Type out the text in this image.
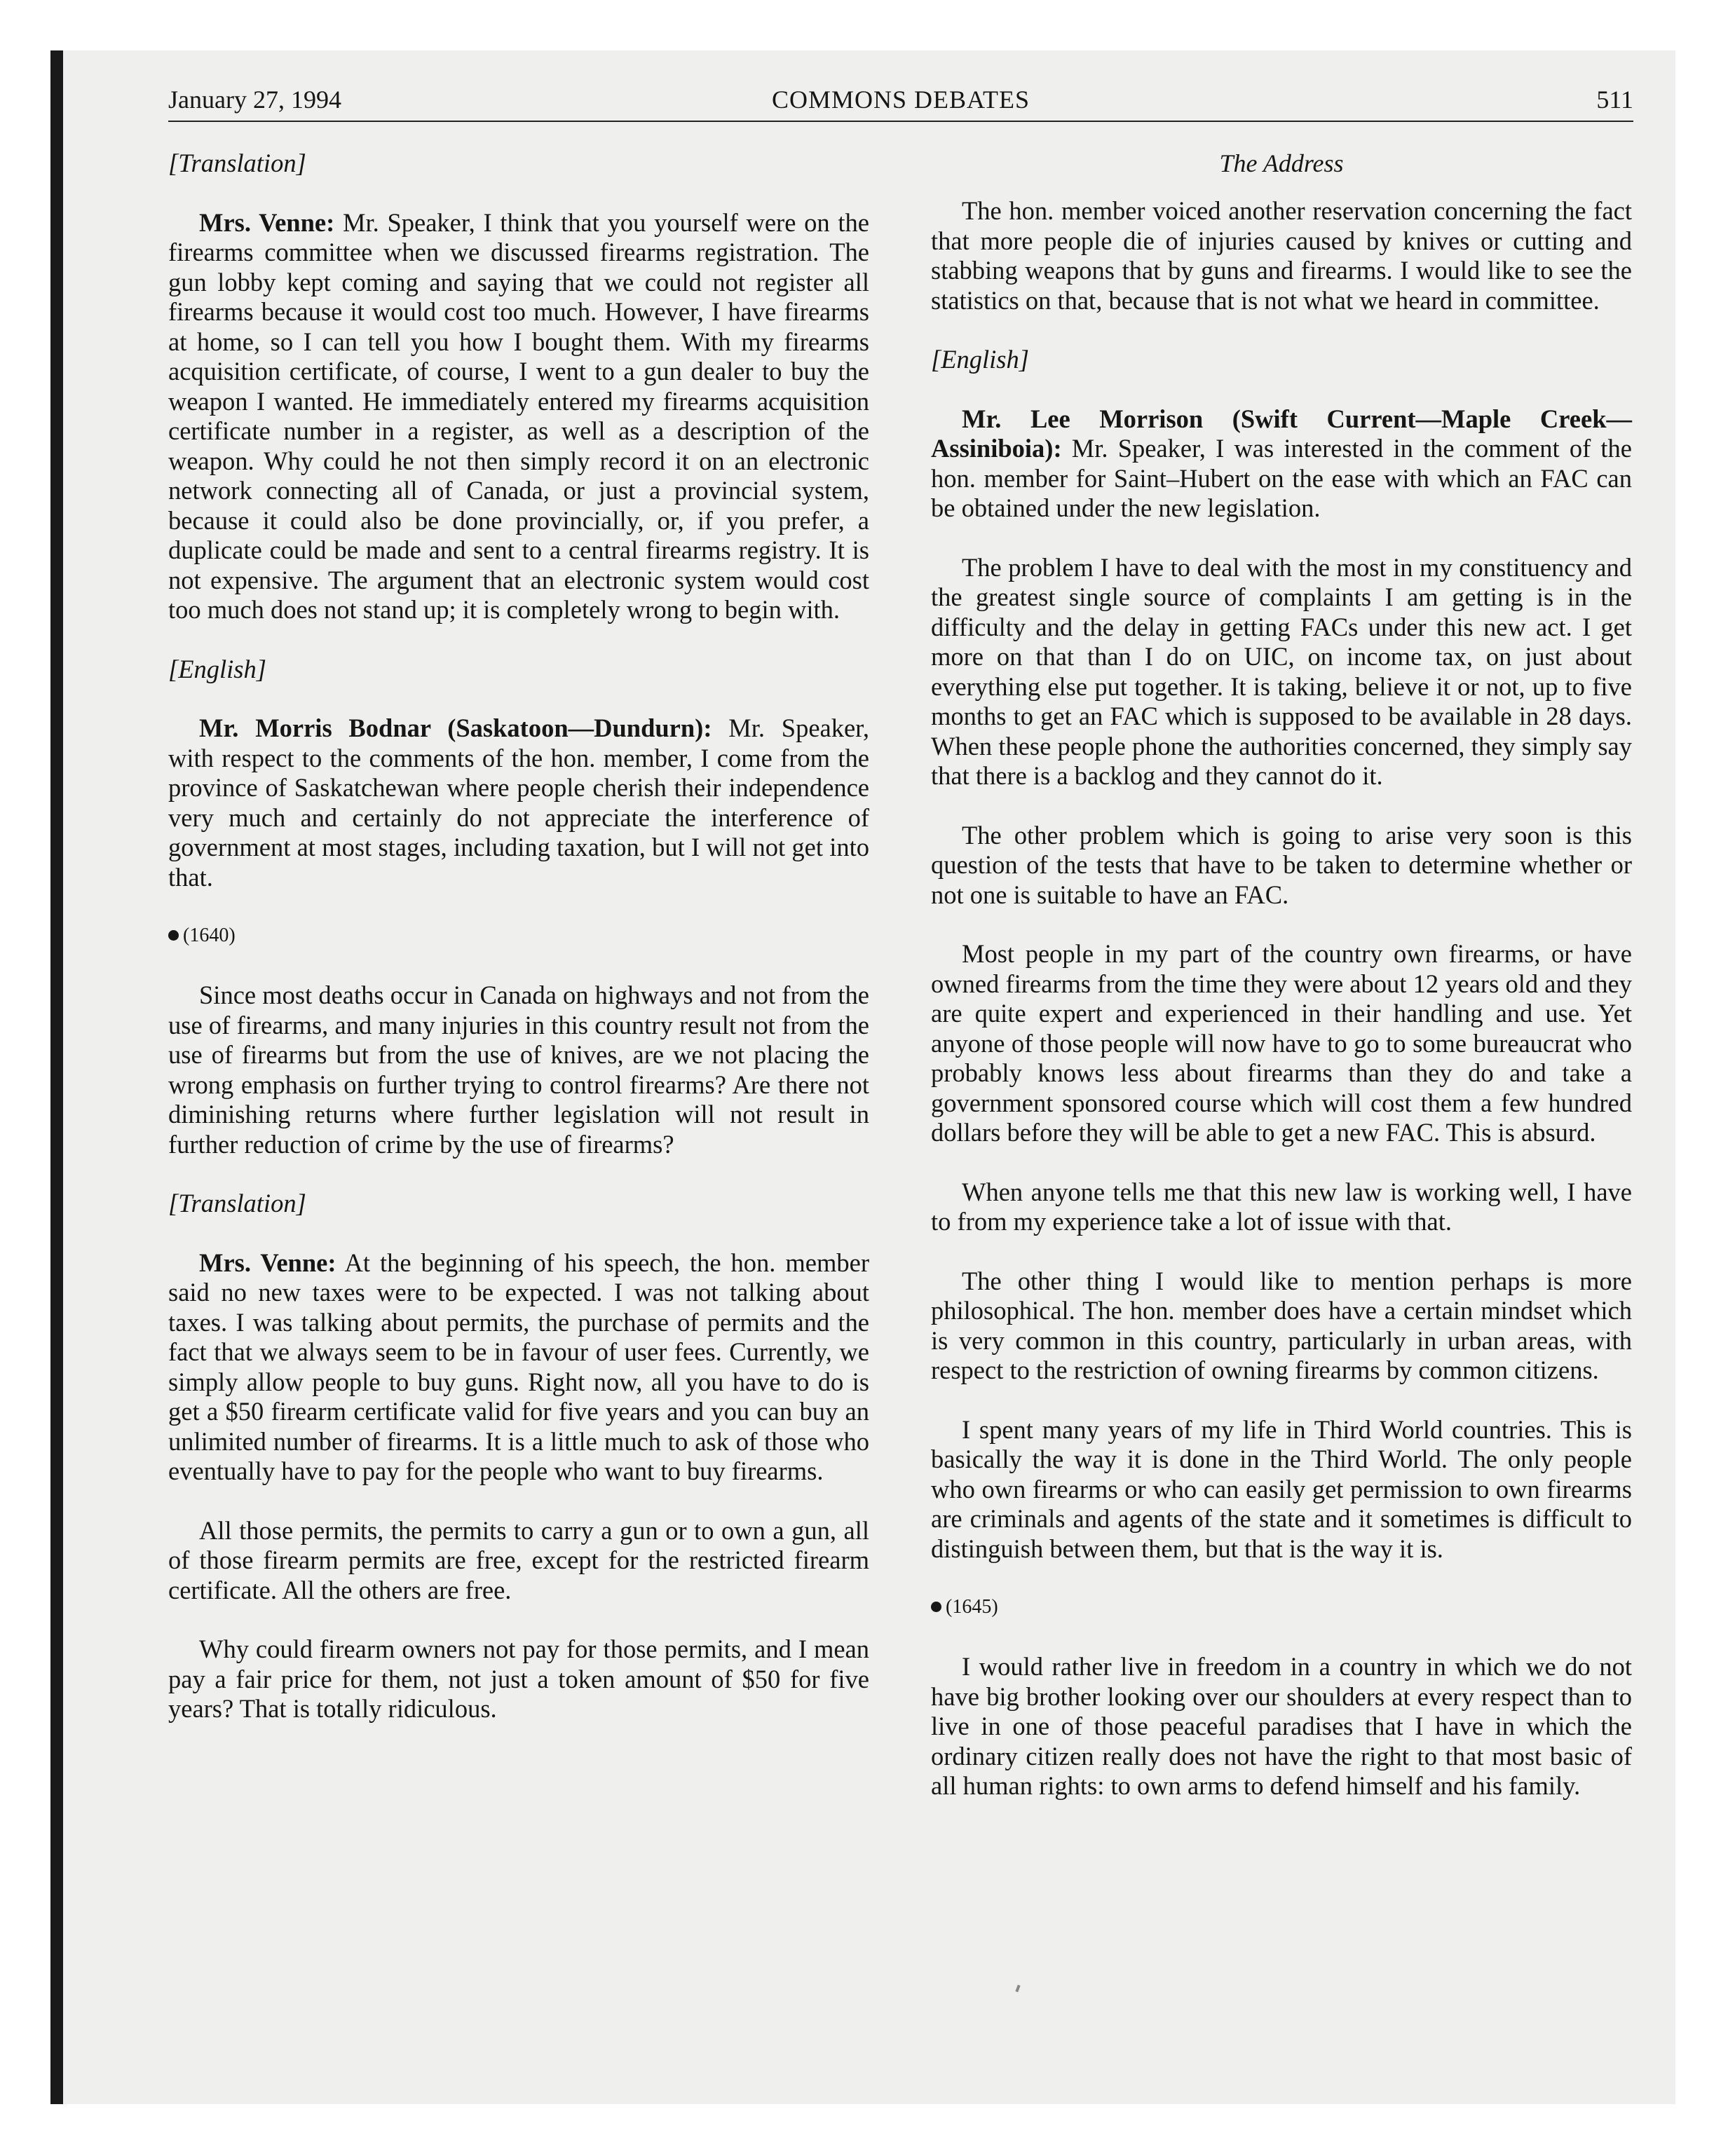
January 27, 1994	COMMONS DEBATES	511

[Translation]

Mrs. Venne: Mr. Speaker, I think that you yourself were on the firearms committee when we discussed firearms registration. The gun lobby kept coming and saying that we could not register all firearms because it would cost too much. However, I have firearms at home, so I can tell you how I bought them. With my firearms acquisition certificate, of course, I went to a gun dealer to buy the weapon I wanted. He immediately entered my firearms acquisition certificate number in a register, as well as a description of the weapon. Why could he not then simply record it on an electronic network connecting all of Canada, or just a provincial system, because it could also be done provincially, or, if you prefer, a duplicate could be made and sent to a central firearms registry. It is not expensive. The argument that an electronic system would cost too much does not stand up; it is completely wrong to begin with.

[English]

Mr. Morris Bodnar (Saskatoon—Dundurn): Mr. Speaker, with respect to the comments of the hon. member, I come from the province of Saskatchewan where people cherish their independence very much and certainly do not appreciate the interference of government at most stages, including taxation, but I will not get into that.

(1640)

Since most deaths occur in Canada on highways and not from the use of firearms, and many injuries in this country result not from the use of firearms but from the use of knives, are we not placing the wrong emphasis on further trying to control firearms? Are there not diminishing returns where further legislation will not result in further reduction of crime by the use of firearms?

[Translation]

Mrs. Venne: At the beginning of his speech, the hon. member said no new taxes were to be expected. I was not talking about taxes. I was talking about permits, the purchase of permits and the fact that we always seem to be in favour of user fees. Currently, we simply allow people to buy guns. Right now, all you have to do is get a $50 firearm certificate valid for five years and you can buy an unlimited number of firearms. It is a little much to ask of those who eventually have to pay for the people who want to buy firearms.

All those permits, the permits to carry a gun or to own a gun, all of those firearm permits are free, except for the restricted firearm certificate. All the others are free.

Why could firearm owners not pay for those permits, and I mean pay a fair price for them, not just a token amount of $50 for five years? That is totally ridiculous.

The Address

The hon. member voiced another reservation concerning the fact that more people die of injuries caused by knives or cutting and stabbing weapons that by guns and firearms. I would like to see the statistics on that, because that is not what we heard in committee.

[English]

Mr. Lee Morrison (Swift Current—Maple Creek—Assiniboia): Mr. Speaker, I was interested in the comment of the hon. member for Saint–Hubert on the ease with which an FAC can be obtained under the new legislation.

The problem I have to deal with the most in my constituency and the greatest single source of complaints I am getting is in the difficulty and the delay in getting FACs under this new act. I get more on that than I do on UIC, on income tax, on just about everything else put together. It is taking, believe it or not, up to five months to get an FAC which is supposed to be available in 28 days. When these people phone the authorities concerned, they simply say that there is a backlog and they cannot do it.

The other problem which is going to arise very soon is this question of the tests that have to be taken to determine whether or not one is suitable to have an FAC.

Most people in my part of the country own firearms, or have owned firearms from the time they were about 12 years old and they are quite expert and experienced in their handling and use. Yet anyone of those people will now have to go to some bureaucrat who probably knows less about firearms than they do and take a government sponsored course which will cost them a few hundred dollars before they will be able to get a new FAC. This is absurd.

When anyone tells me that this new law is working well, I have to from my experience take a lot of issue with that.

The other thing I would like to mention perhaps is more philosophical. The hon. member does have a certain mindset which is very common in this country, particularly in urban areas, with respect to the restriction of owning firearms by common citizens.

I spent many years of my life in Third World countries. This is basically the way it is done in the Third World. The only people who own firearms or who can easily get permission to own firearms are criminals and agents of the state and it sometimes is difficult to distinguish between them, but that is the way it is.

(1645)

I would rather live in freedom in a country in which we do not have big brother looking over our shoulders at every respect than to live in one of those peaceful paradises that I have in which the ordinary citizen really does not have the right to that most basic of all human rights: to own arms to defend himself and his family.
